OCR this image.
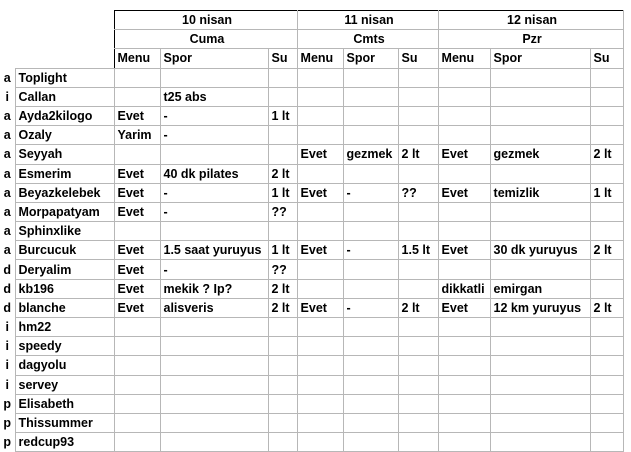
		10 nisan			11 nisan			12 nisan		
		Cuma			Cmts			Pzr		
		Menu	Spor	Su	Menu	Spor	Su	Menu	Spor	Su
a	Toplight									
i	Callan		t25 abs							
a	Ayda2kilogo	Evet	-	1 lt						
a	Ozaly	Yarim	-							
a	Seyyah				Evet	gezmek	2 lt	Evet	gezmek	2 lt
a	Esmerim	Evet	40 dk pilates	2 lt						
a	Beyazkelebek	Evet	-	1 lt	Evet	-	??	Evet	temizlik	1 lt
a	Morpapatyam	Evet	-	??						
a	Sphinxlike									
a	Burcucuk	Evet	1.5 saat yuruyus	1 lt	Evet	-	1.5 lt	Evet	30 dk yuruyus	2 lt
d	Deryalim	Evet	-	??						
d	kb196	Evet	mekik ? Ip?	2 lt				dikkatli	emirgan	
d	blanche	Evet	alisveris	2 lt	Evet	-	2 lt	Evet	12 km yuruyus	2 lt
i	hm22									
i	speedy									
i	dagyolu									
i	servey									
p	Elisabeth									
p	Thissummer									
p	redcup93									
